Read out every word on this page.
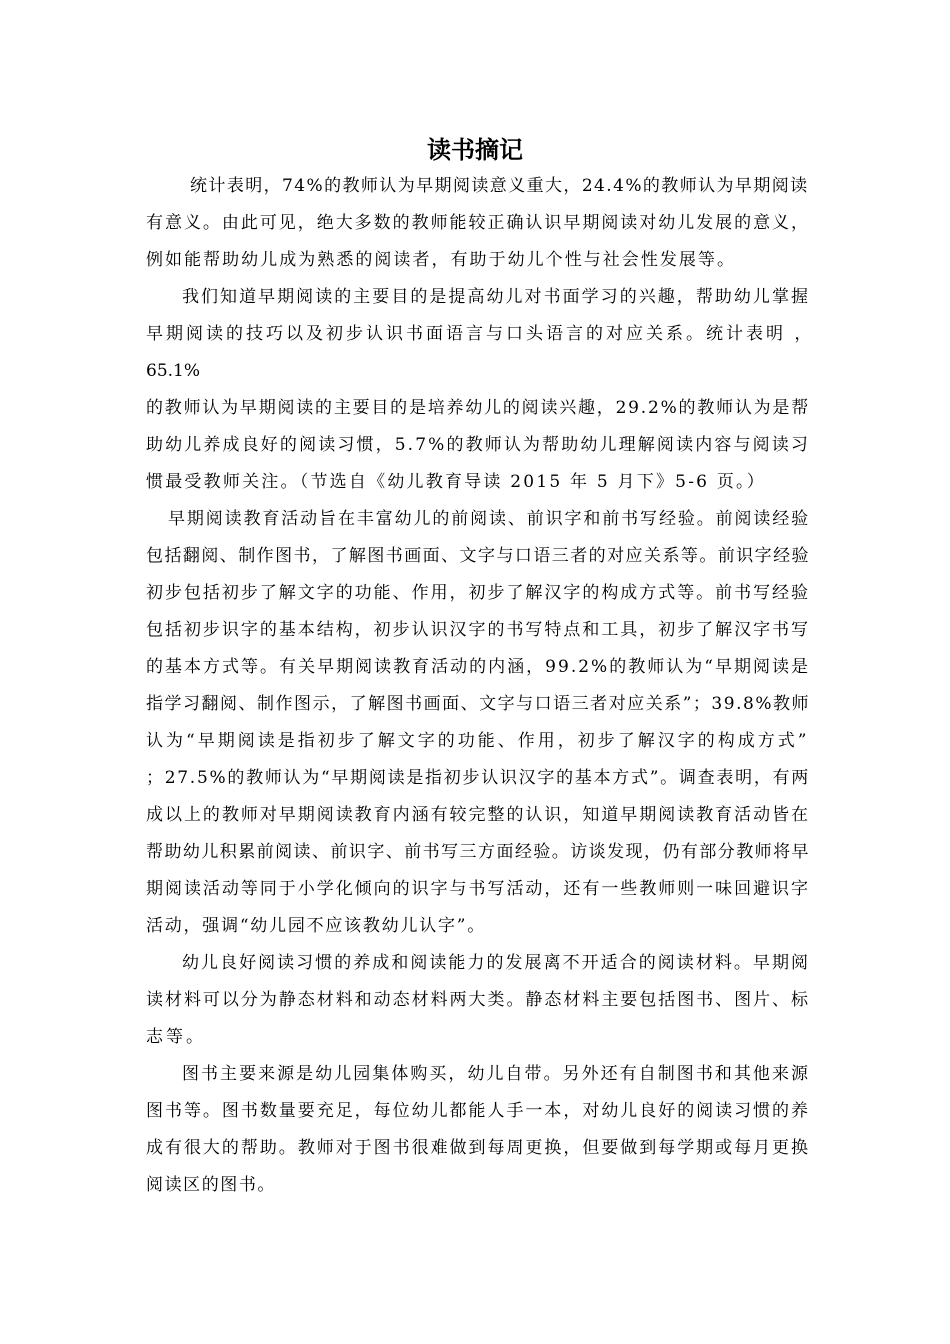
读书摘记
统计表明，74%的教师认为早期阅读意义重大，24.4%的教师认为早期阅读
有意义。由此可见，绝大多数的教师能较正确认识早期阅读对幼儿发展的意义，
例如能帮助幼儿成为熟悉的阅读者，有助于幼儿个性与社会性发展等。
我们知道早期阅读的主要目的是提高幼儿对书面学习的兴趣，帮助幼儿掌握
早期阅读的技巧以及初步认识书面语言与口头语言的对应关系。统计表明 ，
65.1%
的教师认为早期阅读的主要目的是培养幼儿的阅读兴趣，29.2%的教师认为是帮
助幼儿养成良好的阅读习惯，5.7%的教师认为帮助幼儿理解阅读内容与阅读习
惯最受教师关注。（节选自《幼儿教育导读 2015 年 5 月下》5-6 页。）
早期阅读教育活动旨在丰富幼儿的前阅读、前识字和前书写经验。前阅读经验
包括翻阅、制作图书，了解图书画面、文字与口语三者的对应关系等。前识字经验
初步包括初步了解文字的功能、作用，初步了解汉字的构成方式等。前书写经验
包括初步识字的基本结构，初步认识汉字的书写特点和工具，初步了解汉字书写
的基本方式等。有关早期阅读教育活动的内涵，99.2%的教师认为“早期阅读是
指学习翻阅、制作图示，了解图书画面、文字与口语三者对应关系”；39.8%教师
认为“早期阅读是指初步了解文字的功能、作用，初步了解汉字的构成方式”
；27.5%的教师认为“早期阅读是指初步认识汉字的基本方式”。调查表明，有两
成以上的教师对早期阅读教育内涵有较完整的认识，知道早期阅读教育活动皆在
帮助幼儿积累前阅读、前识字、前书写三方面经验。访谈发现，仍有部分教师将早
期阅读活动等同于小学化倾向的识字与书写活动，还有一些教师则一味回避识字
活动，强调“幼儿园不应该教幼儿认字”。
幼儿良好阅读习惯的养成和阅读能力的发展离不开适合的阅读材料。早期阅
读材料可以分为静态材料和动态材料两大类。静态材料主要包括图书、图片、标
志等。
图书主要来源是幼儿园集体购买，幼儿自带。另外还有自制图书和其他来源
图书等。图书数量要充足，每位幼儿都能人手一本，对幼儿良好的阅读习惯的养
成有很大的帮助。教师对于图书很难做到每周更换，但要做到每学期或每月更换
阅读区的图书。
